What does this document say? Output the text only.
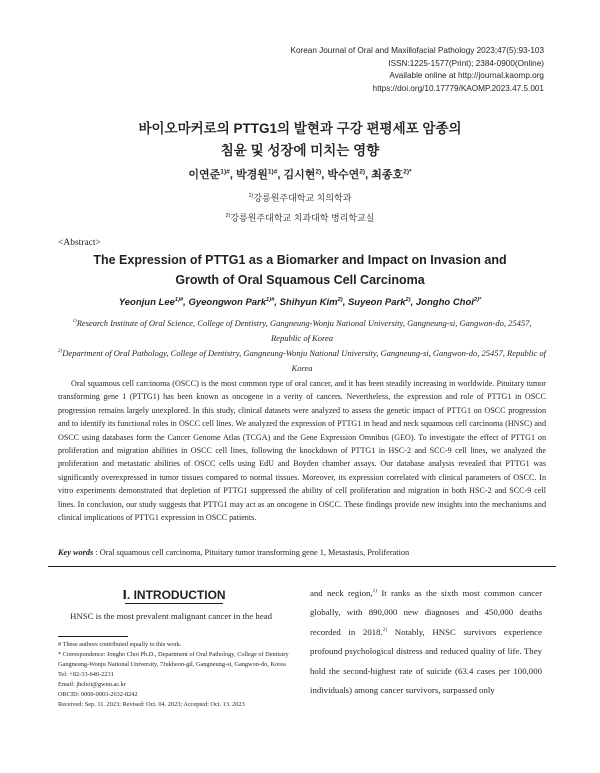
Korean Journal of Oral and Maxillofacial Pathology 2023;47(5):93-103
ISSN:1225-1577(Print); 2384-0900(Online)
Available online at http://journal.kaomp.org
https://doi.org/10.17779/KAOMP.2023.47.5.001
바이오마커로의 PTTG1의 발현과 구강 편평세포 암종의
침윤 및 성장에 미치는 영향
이연준$^{1)\#}$, 박경원$^{1)\#}$, 김시현$^{2)}$, 박수연$^{2)}$, 최종호$^{2)*}$
$^{1)}$강릉원주대학교 치의학과
$^{2)}$강릉원주대학교 치과대학 병리학교실
<Abstract>
The Expression of PTTG1 as a Biomarker and Impact on Invasion and
Growth of Oral Squamous Cell Carcinoma
Yeonjun Lee$^{1)\#}$, Gyeongwon Park$^{1)\#}$, Shihyun Kim$^{2)}$, Suyeon Park$^{2)}$, Jongho Choi$^{2)*}$
$^{1)}$Research Institute of Oral Science, College of Dentistry, Gangneung-Wonju National University, Gangneung-si, Gangwon-do, 25457, Republic of Korea
$^{2)}$Department of Oral Pathology, College of Dentistry, Gangneung-Wonju National University, Gangneung-si, Gangwon-do, 25457, Republic of Korea

Oral squamous cell carcinoma (OSCC) is the most common type of oral cancer, and it has been steadily increasing in worldwide. Pituitary tumor transforming gene 1 (PTTG1) has been known as oncogene in a verity of cancers. Nevertheless, the expression and role of PTTG1 in OSCC progression remains largely unexplored. In this study, clinical datasets were analyzed to assess the genetic impact of PTTG1 on OSCC progression and to identify its functional roles in OSCC cell lines. We analyzed the expression of PTTG1 in head and neck squamous cell carcinoma (HNSC) and OSCC using databases form the Cancer Genome Atlas (TCGA) and the Gene Expression Omnibus (GEO). To investigate the effect of PTTG1 on proliferation and migration abilities in OSCC cell lines, following the knockdown of PTTG1 in HSC-2 and SCC-9 cell lines, we analyzed the proliferation and metastatic abilities of OSCC cells using EdU and Boyden chamber assays. Our database analysis revealed that PTTG1 was significantly overexpressed in tumor tissues compared to normal tissues. Moreover, its expression correlated with clinical parameters of OSCC. In vitro experiments demonstrated that depletion of PTTG1 suppressed the ability of cell proliferation and migration in both HSC-2 and SCC-9 cell lines. In conclusion, our study suggests that PTTG1 may act as an oncogene in OSCC. These findings provide new insights into the mechanisms and clinical implications of PTTG1 expression in OSCC patients.

Key words : Oral squamous cell carcinoma, Pituitary tumor transforming gene 1, Metastasis, Proliferation
Ⅰ. INTRODUCTION
HNSC is the most prevalent malignant cancer in the head
# These authors contributed equally to this work.
* Correspondence: Jongho Choi Ph.D., Department of Oral Pathology, College of Dentistry Gangneung-Wonju National University, 7Jukheon-gil, Gangneung-si, Gangwon-do, Korea
Tel: +82-33-640-2231
Email: jhchoi@gwnu.ac.kr
ORCID: 0000-0003-2632-8242
Received: Sep. 11. 2023; Revised: Oct. 04. 2023; Accepted: Oct. 13. 2023

and neck region,$^{1)}$ It ranks as the sixth most common cancer globally, with 890,000 new diagnoses and 450,000 deaths recorded in 2018.$^{2)}$ Notably, HNSC survivors experience profound psychological distress and reduced quality of life. They hold the second-highest rate of suicide (63.4 cases per 100,000 individuals) among cancer survivors, surpassed only
